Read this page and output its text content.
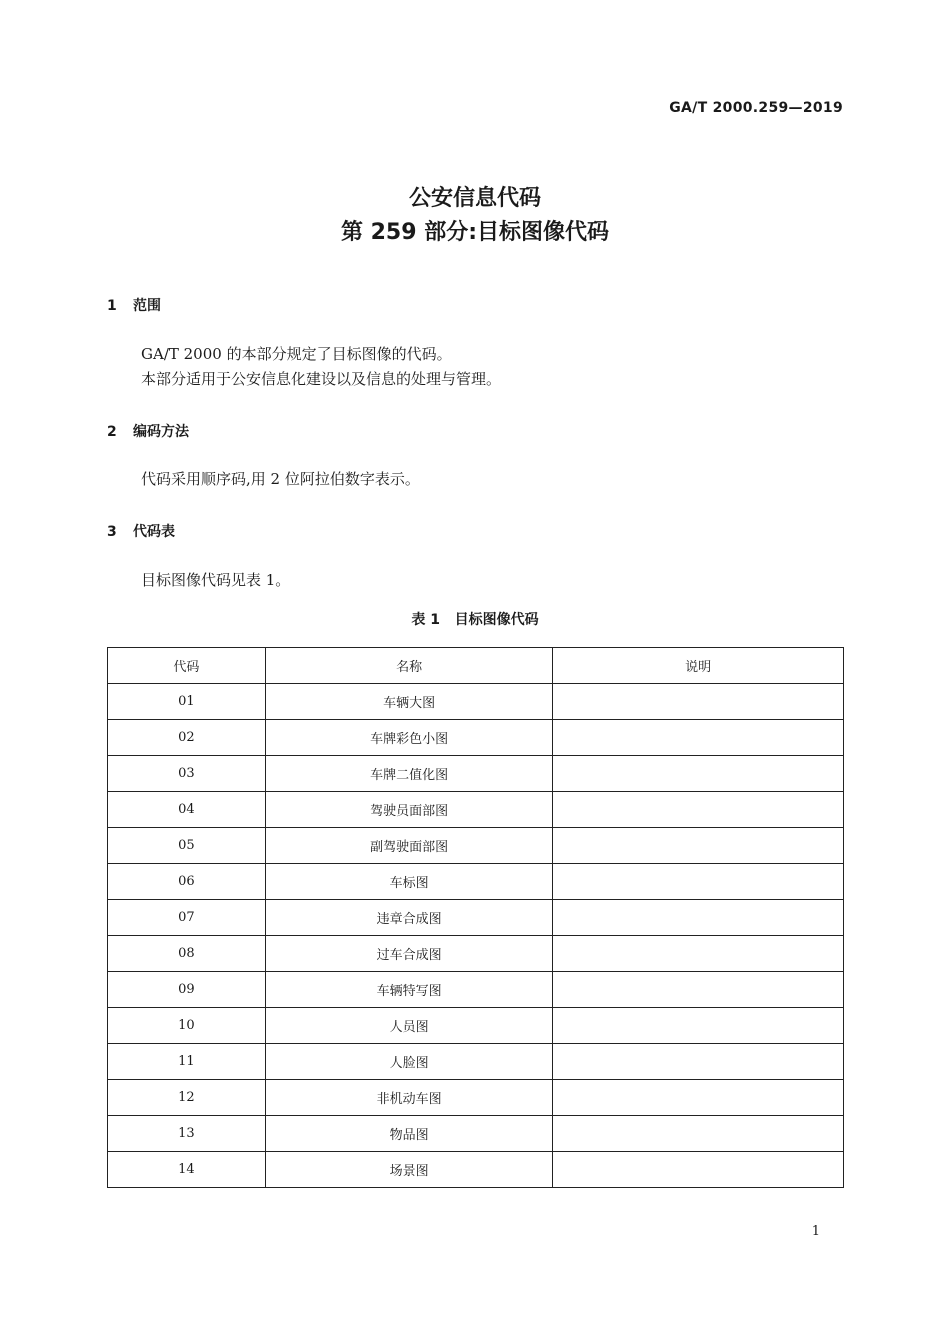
GA/T 2000.259—2019
公安信息代码
第 259 部分:目标图像代码
1 范围
GA/T 2000 的本部分规定了目标图像的代码。
本部分适用于公安信息化建设以及信息的处理与管理。
2 编码方法
代码采用顺序码,用 2 位阿拉伯数字表示。
3 代码表
目标图像代码见表 1。
表 1   目标图像代码
代码	名称	说明
01	车辆大图	
02	车牌彩色小图	
03	车牌二值化图	
04	驾驶员面部图	
05	副驾驶面部图	
06	车标图	
07	违章合成图	
08	过车合成图	
09	车辆特写图	
10	人员图	
11	人脸图	
12	非机动车图	
13	物品图	
14	场景图	
1
